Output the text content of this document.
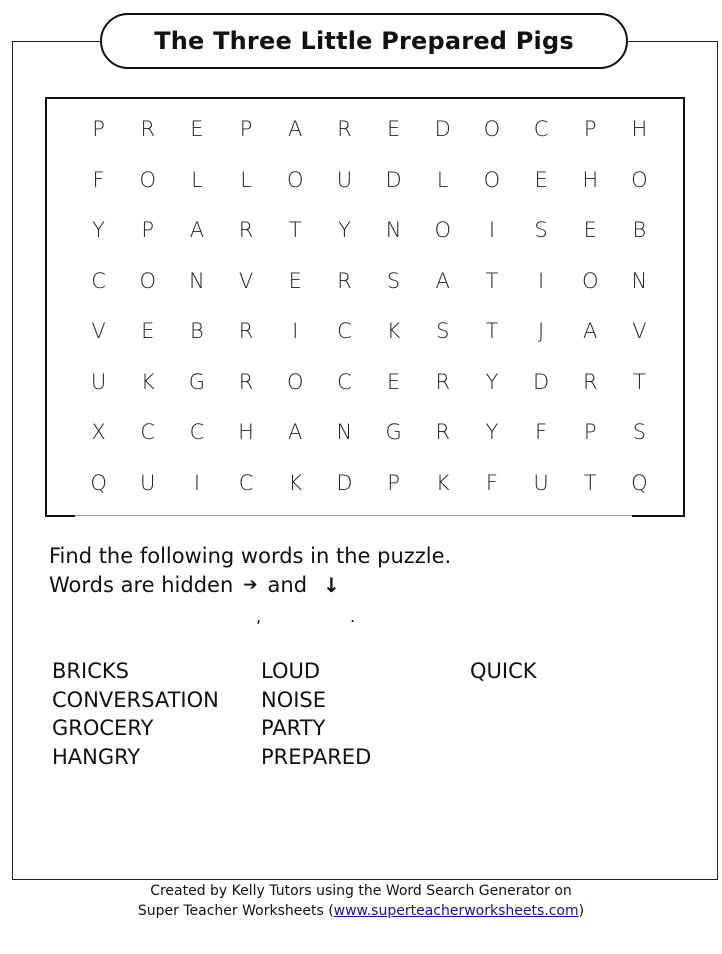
The Three Little Prepared Pigs
P	R	E	P	A	R	E	D	O	C	P	H
F	O	L	L	O	U	D	L	O	E	H	O
Y	P	A	R	T	Y	N	O	I	S	E	B
C	O	N	V	E	R	S	A	T	I	O	N
V	E	B	R	I	C	K	S	T	J	A	V
U	K	G	R	O	C	E	R	Y	D	R	T
X	C	C	H	A	N	G	R	Y	F	P	S
Q	U	I	C	K	D	P	K	F	U	T	Q
Find the following words in the puzzle.
Words are hidden ➔ and ↓
,	.
BRICKS
CONVERSATION
GROCERY
HANGRY
LOUD
NOISE
PARTY
PREPARED
QUICK
Created by Kelly Tutors using the Word Search Generator on
Super Teacher Worksheets (www.superteacherworksheets.com)
